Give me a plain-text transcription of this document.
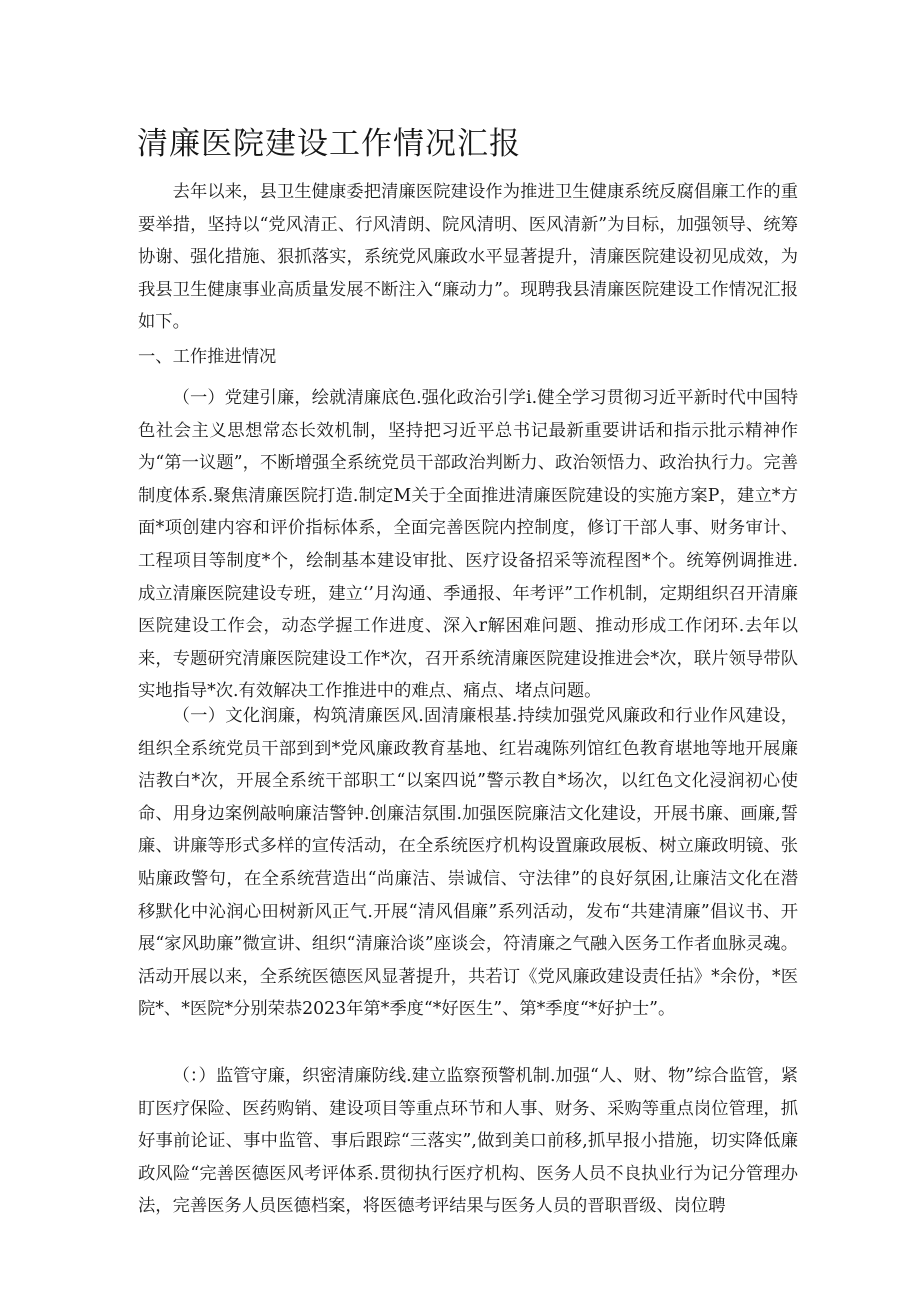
清廉医院建设工作情况汇报

去年以来，县卫生健康委把清廉医院建设作为推进卫生健康系统反腐倡廉工作的重要举措，坚持以“党风清正、行风清朗、院风清明、医风清新”为目标，加强领导、统筹协谢、强化措施、狠抓落实，系统党风廉政水平显著提升，清廉医院建设初见成效，为我县卫生健康事业高质量发展不断注入“廉动力”。现聘我县清廉医院建设工作情况汇报如下。

一、工作推进情况

（一）党建引廉，绘就清廉底色.强化政治引学i.健全学习贯彻习近平新时代中国特色社会主义思想常态长效机制，坚持把习近平总书记最新重要讲话和指示批示精神作为“第一议题”，不断增强全系统党员干部政治判断力、政治领悟力、政治执行力。完善制度体系.聚焦清廉医院打造.制定M关于全面推进清廉医院建设的实施方案P，建立*方面*项创建内容和评价指标体系，全面完善医院内控制度，修订干部人事、财务审计、工程项目等制度*个，绘制基本建设审批、医疗设备招采等流程图*个。统筹例调推进.成立清廉医院建设专班，建立‘’月沟通、季通报、年考评”工作机制，定期组织召开清廉医院建设工作会，动态学握工作进度、深入r解困难问题、推动形成工作闭环.去年以来，专题研究清廉医院建设工作*次，召开系统清廉医院建设推进会*次，联片领导带队实地指导*次.有效解决工作推进中的难点、痛点、堵点问题。

（一）文化润廉，构筑清廉医风.固清廉根基.持续加强党风廉政和行业作风建设，组织全系统党员干部到到*党风廉政教育基地、红岩魂陈列馆红色教育堪地等地开展廉洁教白*次，开展全系统干部职工“以案四说”警示教自*场次，以红色文化浸润初心使命、用身边案例敲响廉洁警钟.创廉洁氛围.加强医院廉洁文化建设，开展书廉、画廉,誓廉、讲廉等形式多样的宣传活动，在全系统医疗机构设置廉政展板、树立廉政明镜、张贴廉政警句，在全系统营造出“尚廉洁、崇诚信、守法律”的良好氛困,让廉洁文化在潜移默化中沁润心田树新风正气.开展“清风倡廉”系列活动，发布“共建清廉”倡议书、开展“家风助廉”微宣讲、组织“清廉洽谈”座谈会，符清廉之气融入医务工作者血脉灵魂。活动开展以来，全系统医德医风显著提升，共若订《党风廉政建设责任拈》*余份，*医院*、*医院*分别荣恭2023年第*季度“*好医生”、第*季度“*好护士”。

（：）监管守廉，织密清廉防线.建立监察预警机制.加强“人、财、物”综合监管，紧盯医疗保险、医药购销、建设项目等重点环节和人事、财务、采购等重点岗位管理，抓好事前论证、事中监管、事后跟踪“三落实”,做到美口前移,抓早报小措施，切实降低廉政风险“完善医德医风考评体系.贯彻执行医疗机构、医务人员不良执业行为记分管理办法，完善医务人员医德档案，将医德考评结果与医务人员的晋职晋级、岗位聘
